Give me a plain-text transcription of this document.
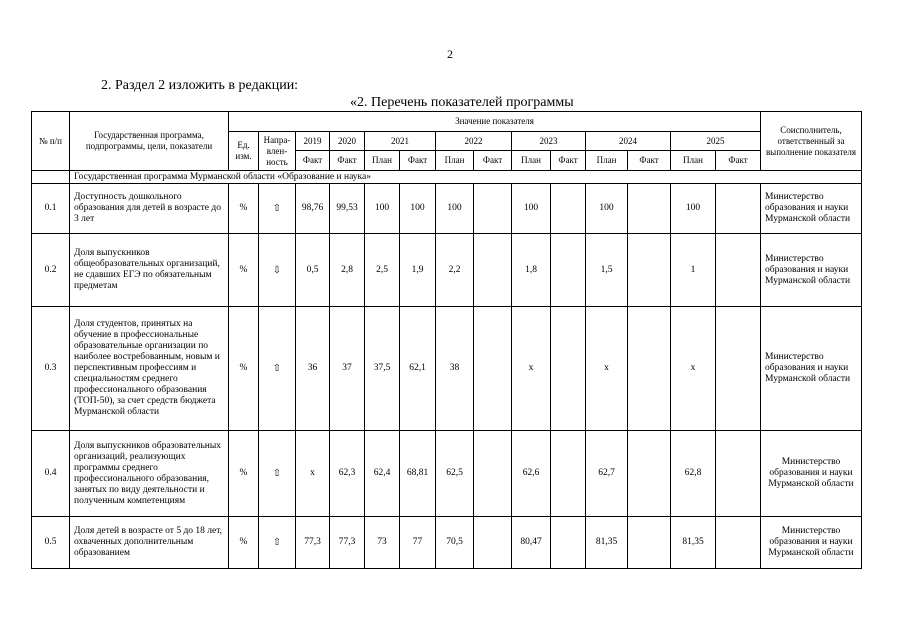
2
2. Раздел 2 изложить в редакции:
«2. Перечень показателей программы
№ п/п	Государственная программа, подпрограммы, цели, показатели	Значение показателя														Соисполнитель, ответственный за выполнение показателя
		Ед. изм.	Напра-влен-ность	2019	2020	2021		2022		2023		2024		2025		
				Факт	Факт	План	Факт	План	Факт	План	Факт	План	Факт	План	Факт	
	Государственная программа Мурманской области «Образование и наука»															
0.1	Доступность дошкольного образования для детей в возрасте до 3 лет	%	⇧	98,76	99,53	100	100	100		100		100		100		Министерство образования и науки Мурманской области
0.2	Доля выпускников общеобразовательных организаций, не сдавших ЕГЭ по обязательным предметам	%	⇩	0,5	2,8	2,5	1,9	2,2		1,8		1,5		1		Министерство образования и науки Мурманской области
0.3	Доля студентов, принятых на обучение в профессиональные образовательные организации по наиболее востребованным, новым и перспективным профессиям и специальностям среднего профессионального образования (ТОП-50), за счет средств бюджета Мурманской области	%	⇧	36	37	37,5	62,1	38		x		x		x		Министерство образования и науки Мурманской области
0.4	Доля выпускников образовательных организаций, реализующих программы среднего профессионального образования, занятых по виду деятельности и полученным компетенциям	%	⇧	x	62,3	62,4	68,81	62,5		62,6		62,7		62,8		Министерство образования и науки Мурманской области
0.5	Доля детей в возрасте от 5 до 18 лет, охваченных дополнительным образованием	%	⇧	77,3	77,3	73	77	70,5		80,47		81,35		81,35		Министерство образования и науки Мурманской области
